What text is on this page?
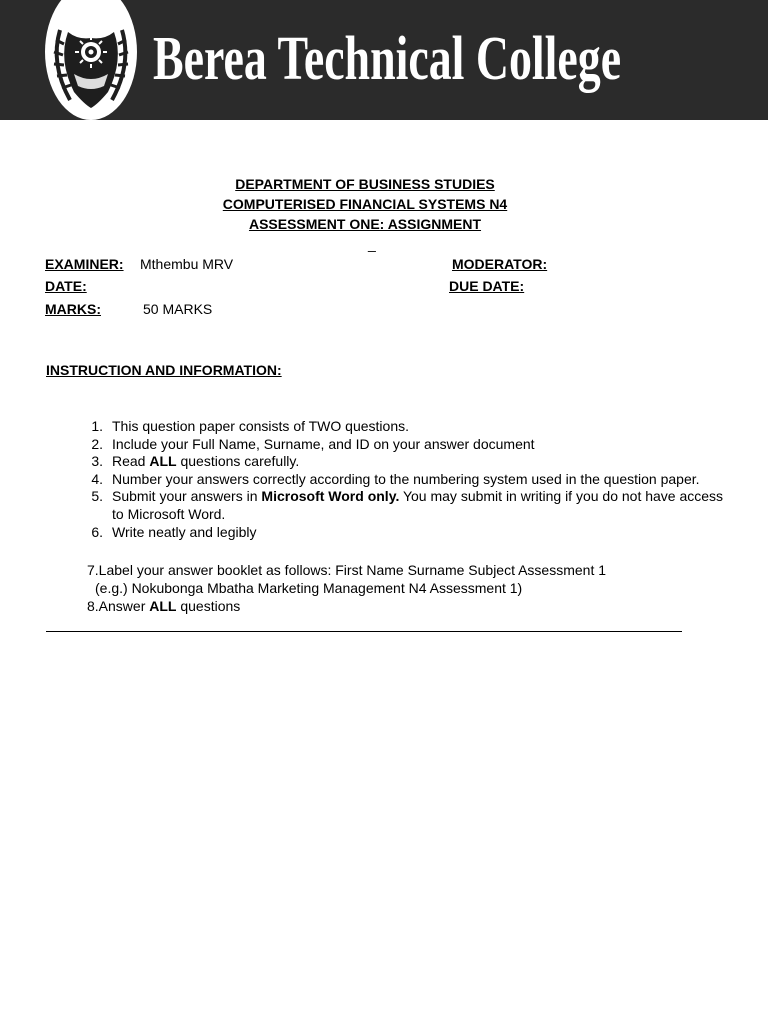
Berea Technical College
DEPARTMENT OF BUSINESS STUDIES
COMPUTERISED FINANCIAL SYSTEMS N4
ASSESSMENT ONE: ASSIGNMENT
_
EXAMINER: Mthembu MRV	MODERATOR:
DATE:	DUE DATE:
MARKS:	50 MARKS
INSTRUCTION AND INFORMATION:
1. This question paper consists of TWO questions.
2. Include your Full Name, Surname, and ID on your answer document
3. Read ALL questions carefully.
4. Number your answers correctly according to the numbering system used in the question paper.
5. Submit your answers in Microsoft Word only. You may submit in writing if you do not have access to Microsoft Word.
6. Write neatly and legibly
7.Label your answer booklet as follows: First Name Surname Subject Assessment 1
(e.g.) Nokubonga Mbatha Marketing Management N4 Assessment 1)
8.Answer ALL questions
